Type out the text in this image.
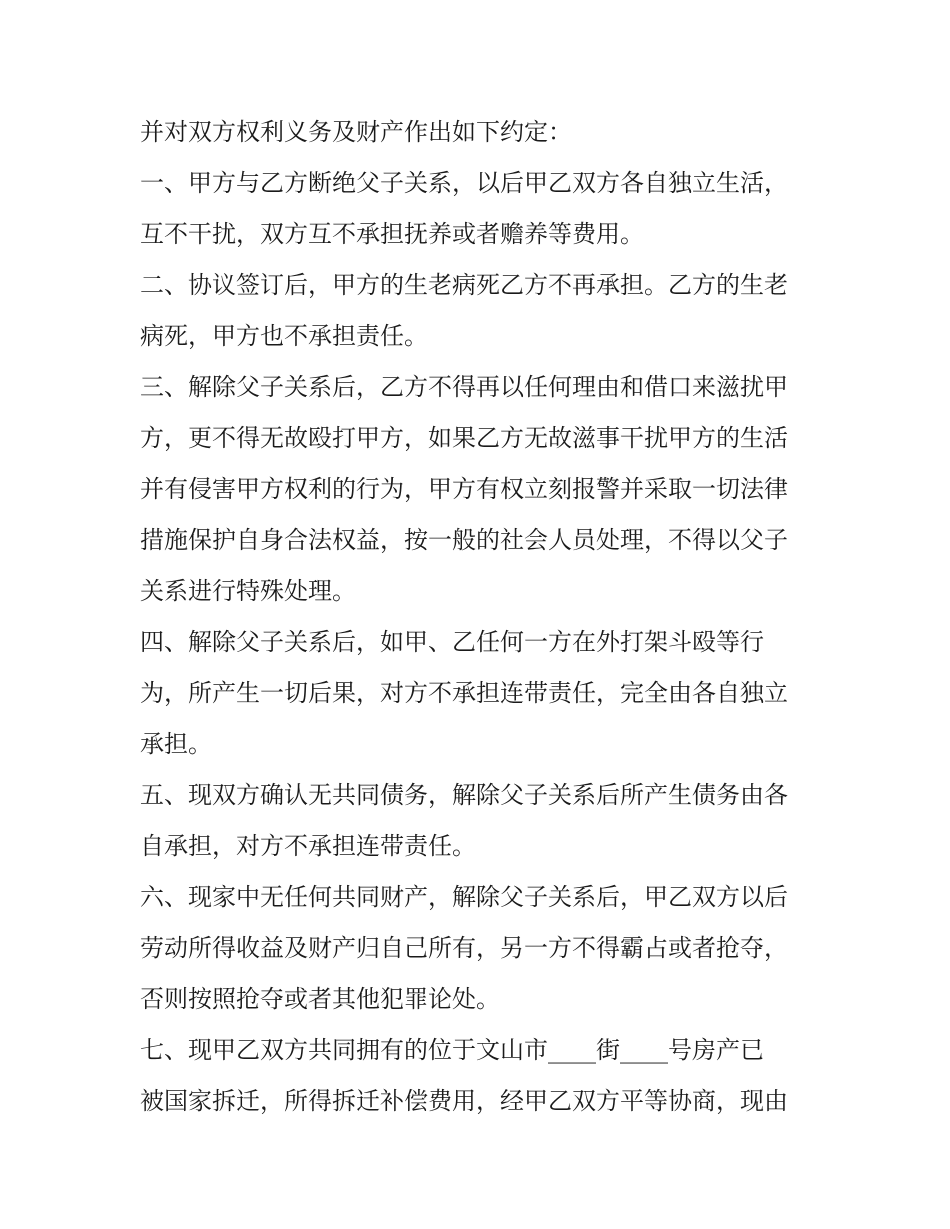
并对双方权利义务及财产作出如下约定：
一、甲方与乙方断绝父子关系，以后甲乙双方各自独立生活，
互不干扰，双方互不承担抚养或者赡养等费用。
二、协议签订后，甲方的生老病死乙方不再承担。乙方的生老
病死，甲方也不承担责任。
三、解除父子关系后，乙方不得再以任何理由和借口来滋扰甲
方，更不得无故殴打甲方，如果乙方无故滋事干扰甲方的生活
并有侵害甲方权利的行为，甲方有权立刻报警并采取一切法律
措施保护自身合法权益，按一般的社会人员处理，不得以父子
关系进行特殊处理。
四、解除父子关系后，如甲、乙任何一方在外打架斗殴等行
为，所产生一切后果，对方不承担连带责任，完全由各自独立
承担。
五、现双方确认无共同债务，解除父子关系后所产生债务由各
自承担，对方不承担连带责任。
六、现家中无任何共同财产，解除父子关系后，甲乙双方以后
劳动所得收益及财产归自己所有，另一方不得霸占或者抢夺，
否则按照抢夺或者其他犯罪论处。
七、现甲乙双方共同拥有的位于文山市____街____号房产已
被国家拆迁，所得拆迁补偿费用，经甲乙双方平等协商，现由
